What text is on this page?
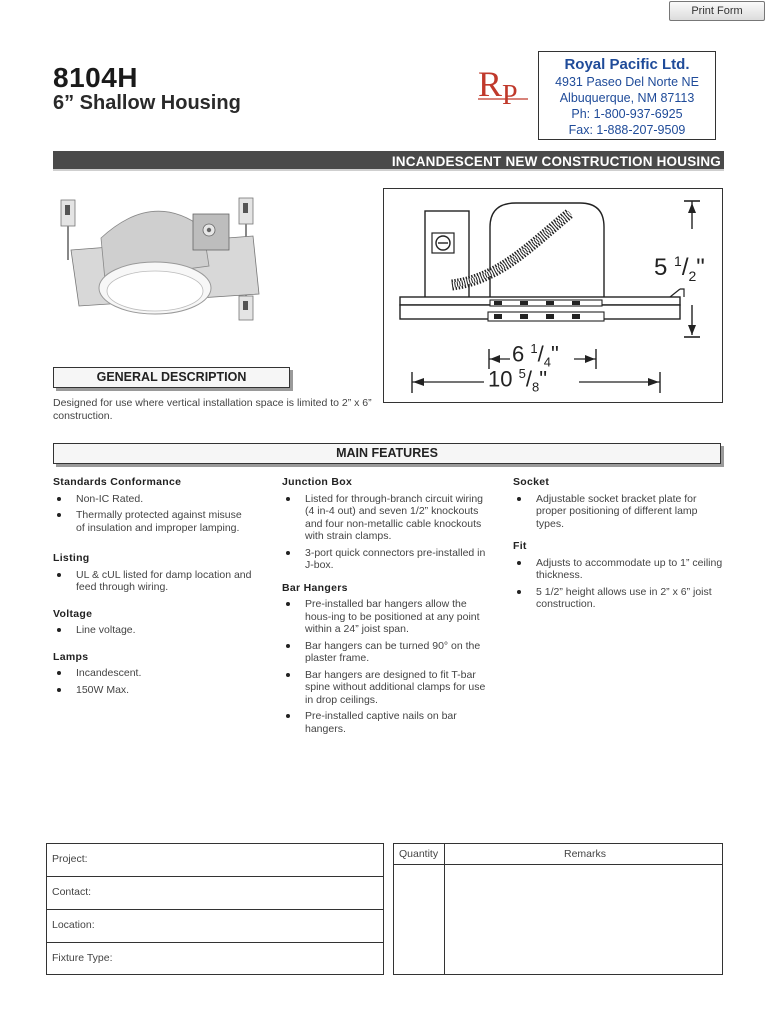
Print Form
8104H
6” Shallow Housing	R P
Royal Pacific Ltd.
4931 Paseo Del Norte NE
Albuquerque, NM 87113
Ph: 1-800-937-6925
Fax: 1-888-207-9509
INCANDESCENT NEW CONSTRUCTION HOUSING
5 $^1/_2$"
6 $^1/_4$"
10 $^5/_8$"
GENERAL DESCRIPTION
Designed for use where vertical installation space is limited to 2” x 6” construction.
MAIN FEATURES
Standards Conformance
Non-IC Rated.
Thermally protected against misuse of insulation and improper lamping.
Listing
UL & cUL listed for damp location and feed through wiring.
Voltage
Line voltage.
Lamps
Incandescent.
150W Max.
Junction Box
Listed for through-branch circuit wiring (4 in-4 out) and seven 1/2” knockouts and four non-metallic cable knockouts with strain clamps.
3-port quick connectors pre-installed in J-box.
Bar Hangers
Pre-installed bar hangers allow the hous-ing to be positioned at any point within a 24” joist span.
Bar hangers can be turned 90° on the plaster frame.
Bar hangers are designed to fit T-bar spine without additional clamps for use in drop ceilings.
Pre-installed captive nails on bar hangers.
Socket
Adjustable socket bracket plate for proper positioning of different lamp types.
Fit
Adjusts to accommodate up to 1” ceiling thickness.
5 1/2” height allows use in 2” x 6” joist construction.
Project:
Contact:
Location:
Fixture Type:
Quantity	Remarks
